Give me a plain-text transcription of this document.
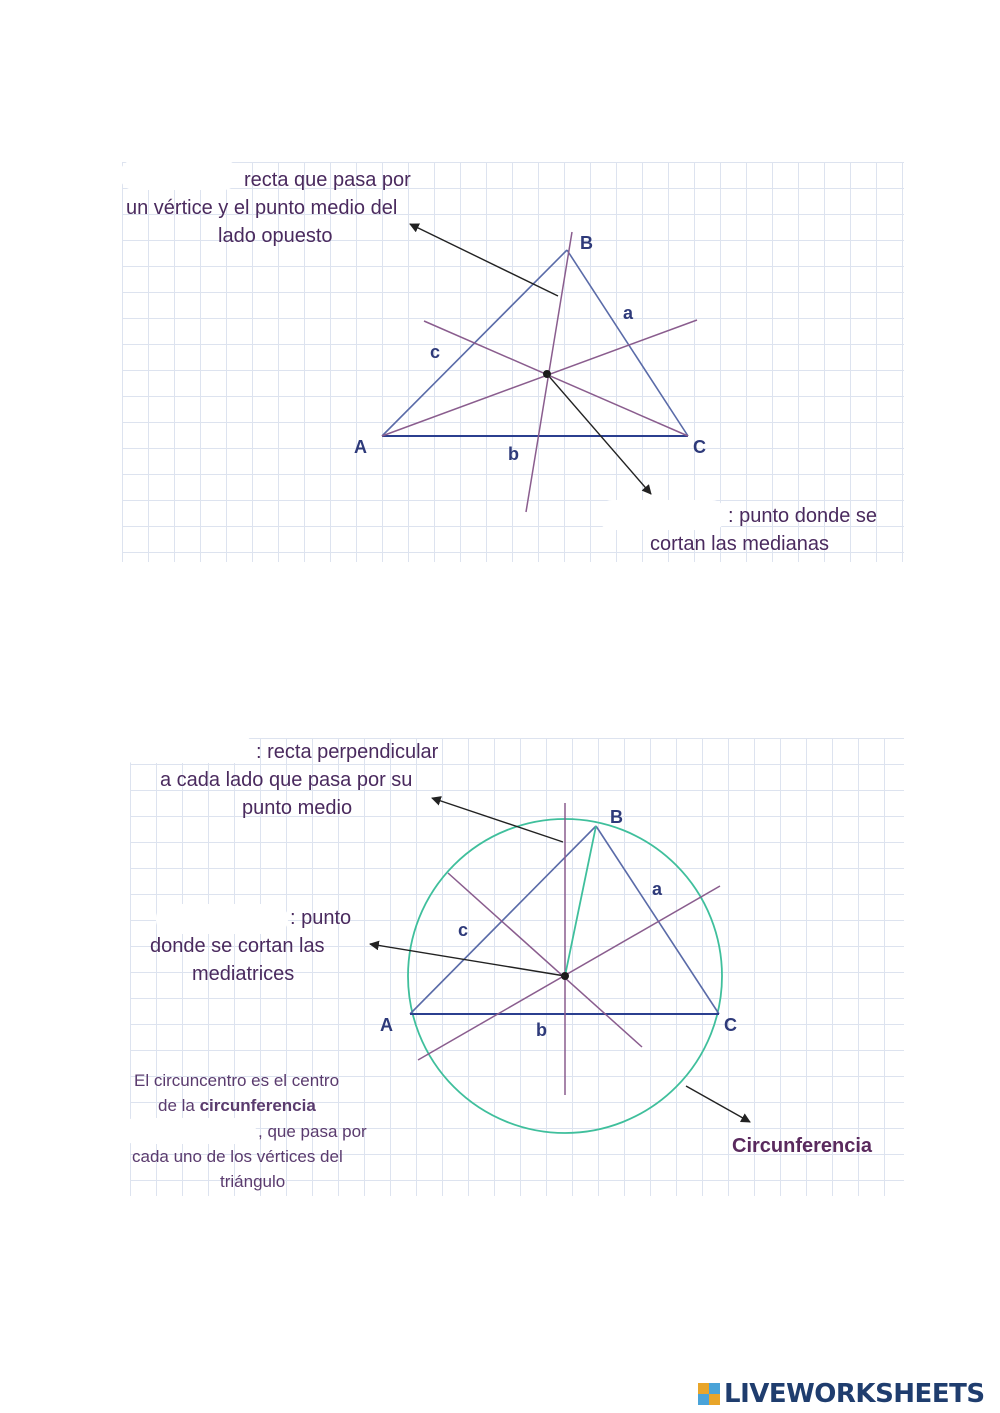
recta que pasa por
un vértice y el punto medio del
lado opuesto
: punto donde se
cortan las medianas
A
B
C
a
b
c
: recta perpendicular
a cada lado que pasa por su
punto medio
: punto
donde se cortan las
mediatrices
El circuncentro es el centro
de la circunferencia
, que pasa por
cada uno de los vértices del
triángulo
Circunferencia
A
B
C
a
b
c
LIVEWORKSHEETS
